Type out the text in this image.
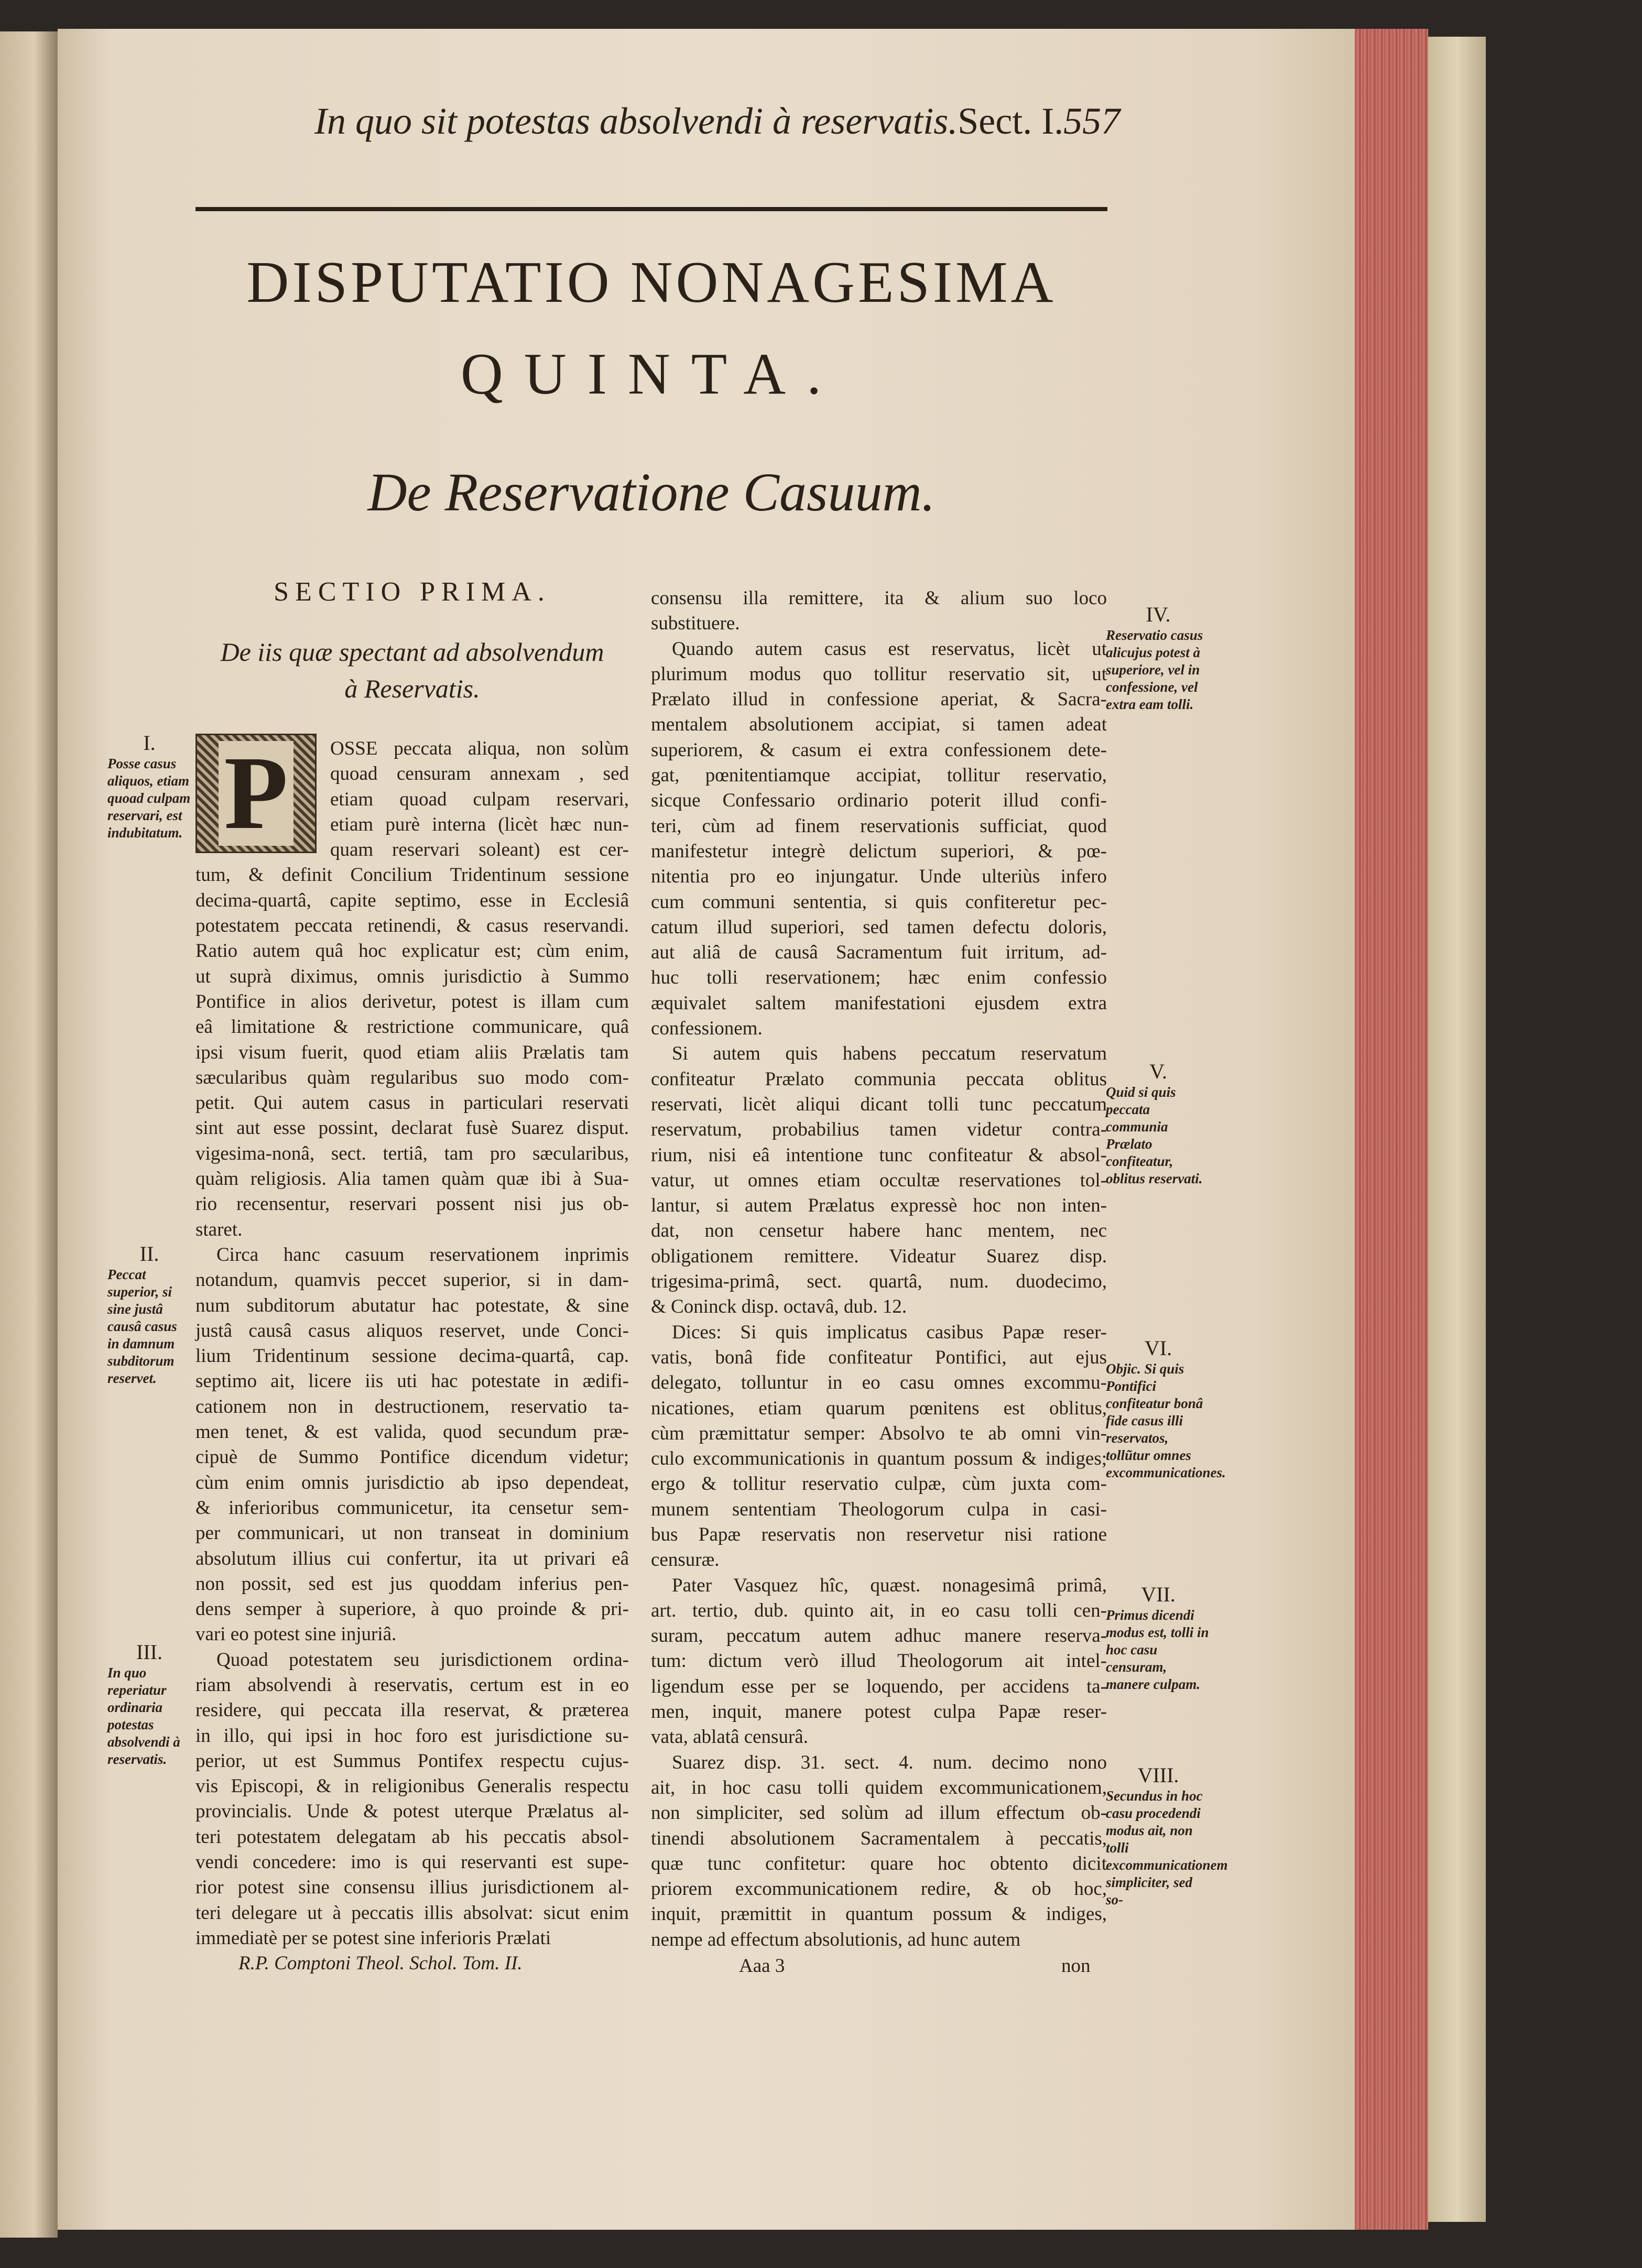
In quo sit potestas absolvendi à reservatis. Sect. I. 557
DISPUTATIO NONAGESIMA
QUINTA.
De Reservatione Casuum.
SECTIO PRIMA.
De iis quæ spectant ad absolvendum
à Reservatis.
P	OSSE peccata aliqua, non solùm
quoad censuram annexam , sed
etiam quoad culpam reservari,
etiam purè interna (licèt hæc nun-
quam reservari soleant) est cer-
tum, & definit Concilium Tridentinum sessione
decima-quartâ, capite septimo, esse in Ecclesiâ
potestatem peccata retinendi, & casus reservandi.
Ratio autem quâ hoc explicatur est; cùm enim,
ut suprà diximus, omnis jurisdictio à Summo
Pontifice in alios derivetur, potest is illam cum
eâ limitatione & restrictione communicare, quâ
ipsi visum fuerit, quod etiam aliis Prælatis tam
sæcularibus quàm regularibus suo modo com-
petit. Qui autem casus in particulari reservati
sint aut esse possint, declarat fusè Suarez disput.
vigesima-nonâ, sect. tertiâ, tam pro sæcularibus,
quàm religiosis. Alia tamen quàm quæ ibi à Sua-
rio recensentur, reservari possent nisi jus ob-
staret.
Circa hanc casuum reservationem inprimis
notandum, quamvis peccet superior, si in dam-
num subditorum abutatur hac potestate, & sine
justâ causâ casus aliquos reservet, unde Conci-
lium Tridentinum sessione decima-quartâ, cap.
septimo ait, licere iis uti hac potestate in ædifi-
cationem non in destructionem, reservatio ta-
men tenet, & est valida, quod secundum præ-
cipuè de Summo Pontifice dicendum videtur;
cùm enim omnis jurisdictio ab ipso dependeat,
& inferioribus communicetur, ita censetur sem-
per communicari, ut non transeat in dominium
absolutum illius cui confertur, ita ut privari eâ
non possit, sed est jus quoddam inferius pen-
dens semper à superiore, à quo proinde & pri-
vari eo potest sine injuriâ.
Quoad potestatem seu jurisdictionem ordina-
riam absolvendi à reservatis, certum est in eo
residere, qui peccata illa reservat, & præterea
in illo, qui ipsi in hoc foro est jurisdictione su-
perior, ut est Summus Pontifex respectu cujus-
vis Episcopi, & in religionibus Generalis respectu
provincialis. Unde & potest uterque Prælatus al-
teri potestatem delegatam ab his peccatis absol-
vendi concedere: imo is qui reservanti est supe-
rior potest sine consensu illius jurisdictionem al-
teri delegare ut à peccatis illis absolvat: sicut enim
immediatè per se potest sine inferioris Prælati
consensu illa remittere, ita & alium suo loco
substituere.
Quando autem casus est reservatus, licèt ut
plurimum modus quo tollitur reservatio sit, ut
Prælato illud in confessione aperiat, & Sacra-
mentalem absolutionem accipiat, si tamen adeat
superiorem, & casum ei extra confessionem dete-
gat, pœnitentiamque accipiat, tollitur reservatio,
sicque Confessario ordinario poterit illud confi-
teri, cùm ad finem reservationis sufficiat, quod
manifestetur integrè delictum superiori, & pœ-
nitentia pro eo injungatur. Unde ulteriùs infero
cum communi sententia, si quis confiteretur pec-
catum illud superiori, sed tamen defectu doloris,
aut aliâ de causâ Sacramentum fuit irritum, ad-
huc tolli reservationem; hæc enim confessio
æquivalet saltem manifestationi ejusdem extra
confessionem.
Si autem quis habens peccatum reservatum
confiteatur Prælato communia peccata oblitus
reservati, licèt aliqui dicant tolli tunc peccatum
reservatum, probabilius tamen videtur contra-
rium, nisi eâ intentione tunc confiteatur & absol-
vatur, ut omnes etiam occultæ reservationes tol-
lantur, si autem Prælatus expressè hoc non inten-
dat, non censetur habere hanc mentem, nec
obligationem remittere. Videatur Suarez disp.
trigesima-primâ, sect. quartâ, num. duodecimo,
& Coninck disp. octavâ, dub. 12.
Dices: Si quis implicatus casibus Papæ reser-
vatis, bonâ fide confiteatur Pontifici, aut ejus
delegato, tolluntur in eo casu omnes excommu-
nicationes, etiam quarum pœnitens est oblitus,
cùm præmittatur semper: Absolvo te ab omni vin-
culo excommunicationis in quantum possum & indiges;
ergo & tollitur reservatio culpæ, cùm juxta com-
munem sententiam Theologorum culpa in casi-
bus Papæ reservatis non reservetur nisi ratione
censuræ.
Pater Vasquez hîc, quæst. nonagesimâ primâ,
art. tertio, dub. quinto ait, in eo casu tolli cen-
suram, peccatum autem adhuc manere reserva-
tum: dictum verò illud Theologorum ait intel-
ligendum esse per se loquendo, per accidens ta-
men, inquit, manere potest culpa Papæ reser-
vata, ablatâ censurâ.
Suarez disp. 31. sect. 4. num. decimo nono
ait, in hoc casu tolli quidem excommunicationem,
non simpliciter, sed solùm ad illum effectum ob-
tinendi absolutionem Sacramentalem à peccatis,
quæ tunc confitetur: quare hoc obtento dicit
priorem excommunicationem redire, & ob hoc,
inquit, præmittit in quantum possum & indiges,
nempe ad effectum absolutionis, ad hunc autem
I.
Posse casus aliquos, etiam quoad culpam reservari, est indubitatum.
II.
Peccat superior, si sine justâ causâ casus in damnum subditorum reservet.
III.
In quo reperiatur ordinaria potestas absolvendi à reservatis.
IV.
Reservatio casus alicujus potest à superiore, vel in confessione, vel extra eam tolli.
V.
Quid si quis peccata communia Prælato confiteatur, oblitus reservati.
VI.
Objic. Si quis Pontifici confiteatur bonâ fide casus illi reservatos, tollũtur omnes excommunicationes.
VII.
Primus dicendi modus est, tolli in hoc casu censuram, manere culpam.
VIII.
Secundus in hoc casu procedendi modus ait, non tolli excommunicationem simpliciter, sed so-
R.P. Comptoni Theol. Schol. Tom. II.	Aaa 3	non
